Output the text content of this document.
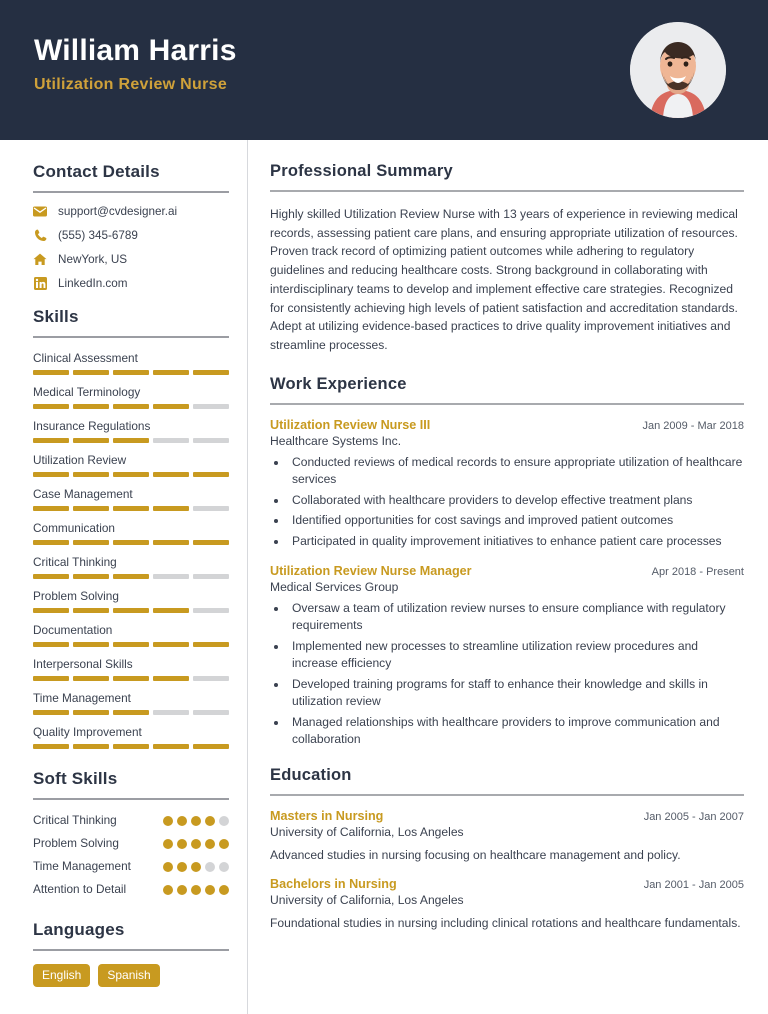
William Harris
Utilization Review Nurse
Contact Details
support@cvdesigner.ai
(555) 345-6789
NewYork, US
LinkedIn.com
Skills
Clinical Assessment
Medical Terminology
Insurance Regulations
Utilization Review
Case Management
Communication
Critical Thinking
Problem Solving
Documentation
Interpersonal Skills
Time Management
Quality Improvement
Soft Skills
Critical Thinking
Problem Solving
Time Management
Attention to Detail
Languages
English	Spanish
Professional Summary
Highly skilled Utilization Review Nurse with 13 years of experience in reviewing medical records, assessing patient care plans, and ensuring appropriate utilization of resources. Proven track record of optimizing patient outcomes while adhering to regulatory guidelines and reducing healthcare costs. Strong background in collaborating with interdisciplinary teams to develop and implement effective care strategies. Recognized for consistently achieving high levels of patient satisfaction and accreditation standards. Adept at utilizing evidence-based practices to drive quality improvement initiatives and streamline processes.
Work Experience
Utilization Review Nurse III	Jan 2009 - Mar 2018
Healthcare Systems Inc.
• Conducted reviews of medical records to ensure appropriate utilization of healthcare services
• Collaborated with healthcare providers to develop effective treatment plans
• Identified opportunities for cost savings and improved patient outcomes
• Participated in quality improvement initiatives to enhance patient care processes
Utilization Review Nurse Manager	Apr 2018 - Present
Medical Services Group
• Oversaw a team of utilization review nurses to ensure compliance with regulatory requirements
• Implemented new processes to streamline utilization review procedures and increase efficiency
• Developed training programs for staff to enhance their knowledge and skills in utilization review
• Managed relationships with healthcare providers to improve communication and collaboration
Education
Masters in Nursing	Jan 2005 - Jan 2007
University of California, Los Angeles
Advanced studies in nursing focusing on healthcare management and policy.
Bachelors in Nursing	Jan 2001 - Jan 2005
University of California, Los Angeles
Foundational studies in nursing including clinical rotations and healthcare fundamentals.
